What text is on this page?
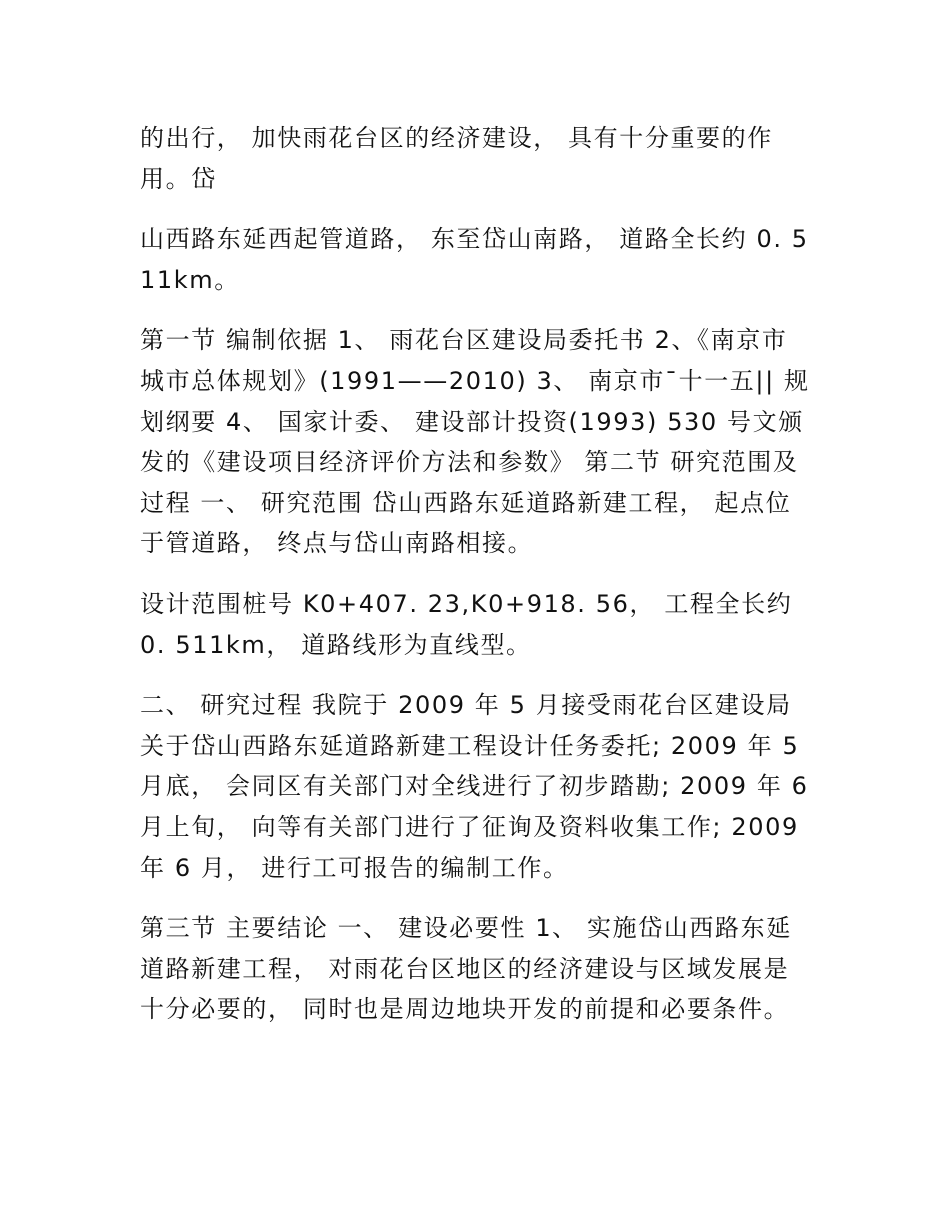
的出行， 加快雨花台区的经济建设， 具有十分重要的作用。岱

山西路东延西起管道路， 东至岱山南路， 道路全长约 0. 511km。

第一节 编制依据 1、 雨花台区建设局委托书 2、《南京市城市总体规划》(1991——2010) 3、 南京市¯十一五|| 规划纲要 4、 国家计委、 建设部计投资(1993) 530 号文颁发的《建设项目经济评价方法和参数》 第二节 研究范围及过程 一、 研究范围 岱山西路东延道路新建工程， 起点位于管道路， 终点与岱山南路相接。

设计范围桩号 K0+407. 23,K0+918. 56， 工程全长约 0. 511km， 道路线形为直线型。

二、 研究过程 我院于 2009 年 5 月接受雨花台区建设局关于岱山西路东延道路新建工程设计任务委托; 2009 年 5 月底， 会同区有关部门对全线进行了初步踏勘; 2009 年 6 月上旬， 向等有关部门进行了征询及资料收集工作; 2009 年 6 月， 进行工可报告的编制工作。

第三节 主要结论 一、 建设必要性 1、 实施岱山西路东延道路新建工程， 对雨花台区地区的经济建设与区域发展是十分必要的， 同时也是周边地块开发的前提和必要条件。
